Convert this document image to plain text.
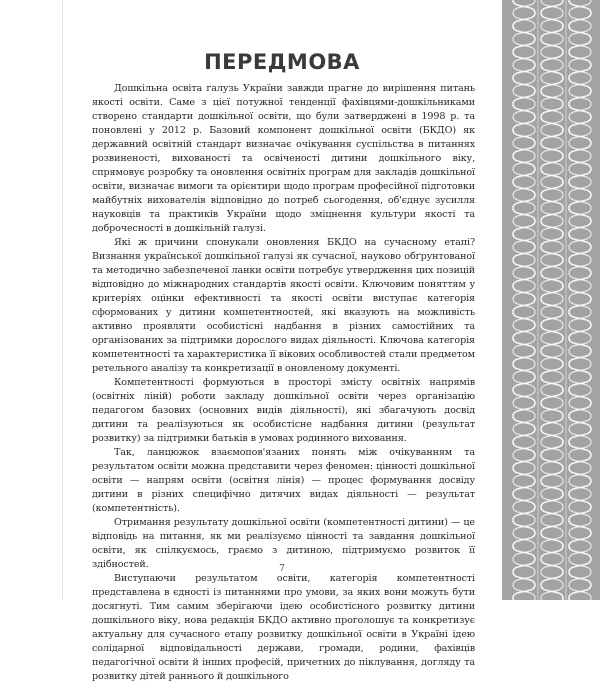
ПЕРЕДМОВА

Дошкільна освіта галузь України завжди прагне до вирішення питань якості освіти. Саме з цієї потужної тенденції фахівцями-дошкільниками створено стандарти дошкільної освіти, що були затверджені в 1998 р. та поновлені у 2012 р. Базовий компонент дошкільної освіти (БКДО) як державний освітній стандарт визначає очікування суспільства в питаннях розвиненості, вихованості та освіченості дитини дошкільного віку, спрямовує розробку та оновлення освітніх програм для закладів дошкільної освіти, визначає вимоги та орієнтири щодо програм професійної підготовки майбутніх вихователів відповідно до потреб сьогодення, об'єднує зусилля науковців та практиків України щодо зміцнення культури якості та доброчесності в дошкільній галузі.

Які ж причини спонукали оновлення БКДО на сучасному етапі? Визнання української дошкільної галузі як сучасної, науково обґрунтованої та методично забезпеченої ланки освіти потребує утвердження цих позицій відповідно до міжнародних стандартів якості освіти. Ключовим поняттям у критеріях оцінки ефективності та якості освіти виступає категорія сформованих у дитини компетентностей, які вказують на можливість активно проявляти особистісні надбання в різних самостійних та організованих за підтримки дорослого видах діяльності. Ключова категорія компетентності та характеристика її вікових особливостей стали предметом ретельного аналізу та конкретизації в оновленому документі.

Компетентності формуються в просторі змісту освітніх напрямів (освітніх ліній) роботи закладу дошкільної освіти через організацію педагогом базових (основних видів діяльності), які збагачують досвід дитини та реалізуються як особистісне надбання дитини (результат розвитку) за підтримки батьків в умовах родинного виховання.

Так, ланцюжок взаємопов'язаних понять між очікуванням та результатом освіти можна представити через феномен: цінності дошкільної освіти — напрям освіти (освітня лінія) — процес формування досвіду дитини в різних специфічно дитячих видах діяльності — результат (компетентність).

Отримання результату дошкільної освіти (компетентності дитини) — це відповідь на питання, як ми реалізуємо цінності та завдання дошкільної освіти, як спілкуємось, граємо з дитиною, підтримуємо розвиток її здібностей.

Виступаючи результатом освіти, категорія компетентності представлена в єдності із питаннями про умови, за яких вони можуть бути досягнуті. Тим самим зберігаючи ідею особистісного розвитку дитини дошкільного віку, нова редакція БКДО активно проголошує та конкретизує актуальну для сучасного етапу розвитку дошкільної освіти в Україні ідею солідарної відповідальності держави, громади, родини, фахівців педагогічної освіти й інших професій, причетних до піклування, догляду та розвитку дітей раннього й дошкільного

7
